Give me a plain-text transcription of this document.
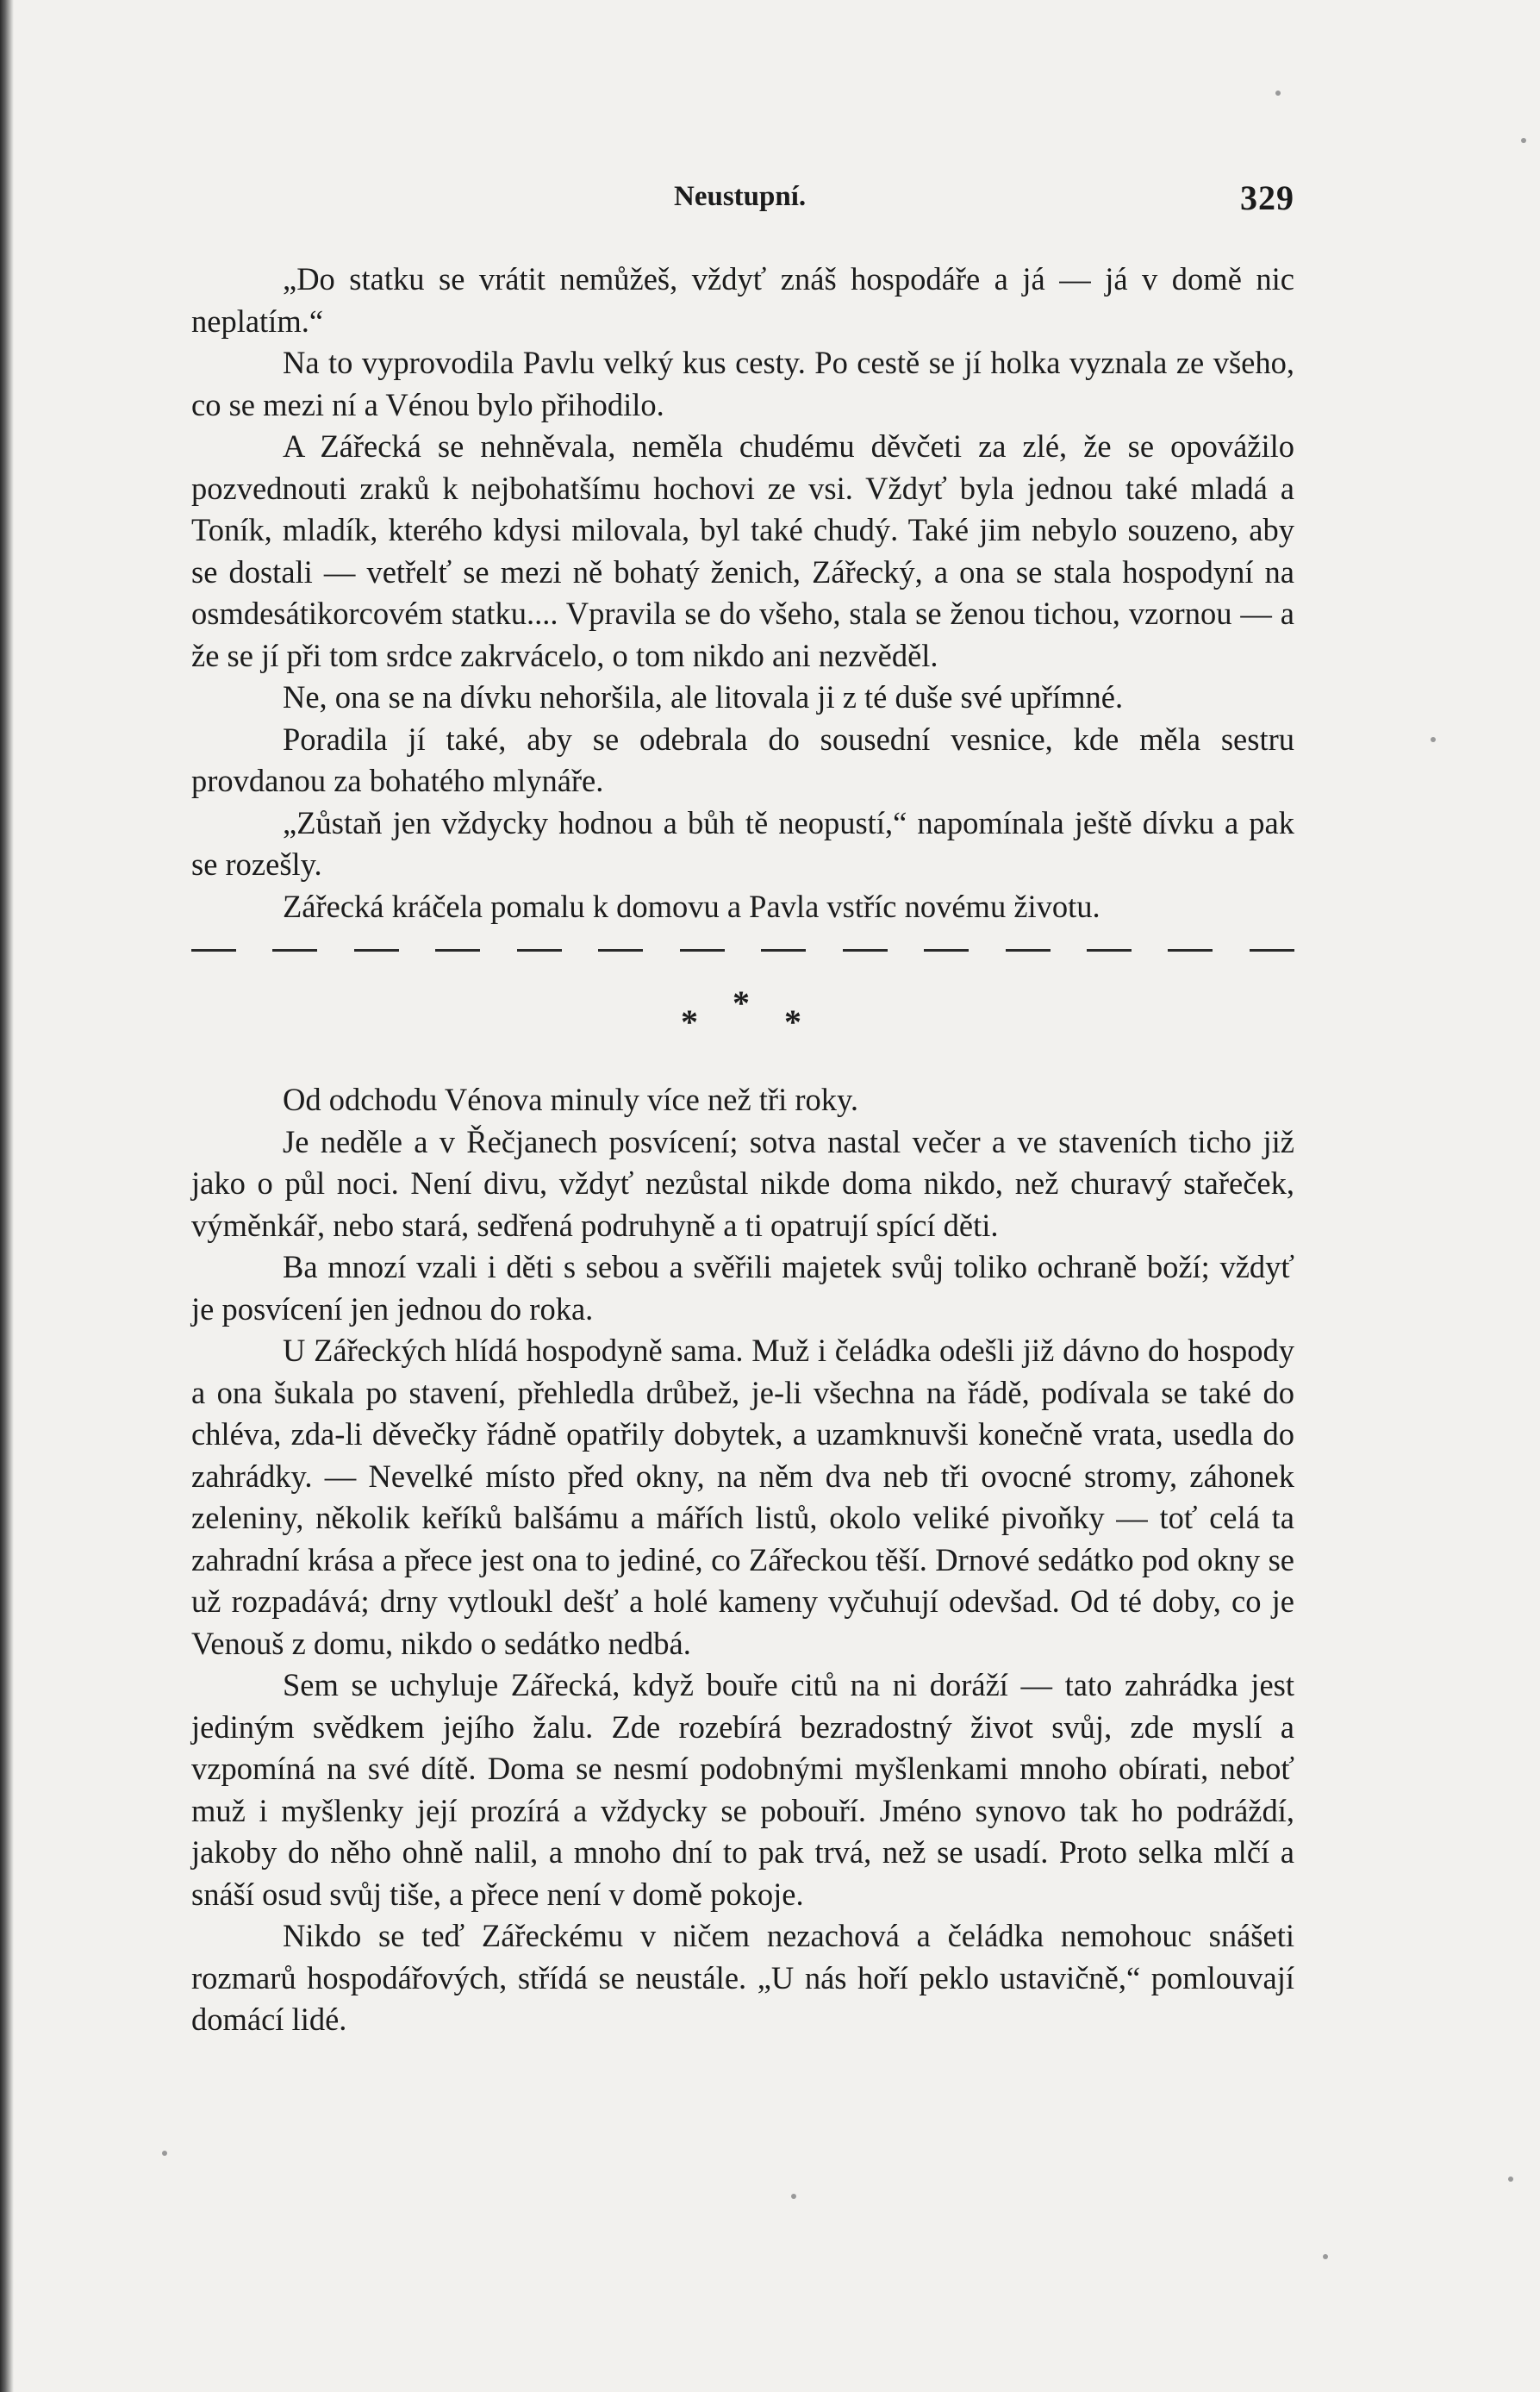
Neustupní.	329

„Do statku se vrátit nemůžeš, vždyť znáš hospodáře a já — já v domě nic neplatím.“

Na to vyprovodila Pavlu velký kus cesty. Po cestě se jí holka vyznala ze všeho, co se mezi ní a Vénou bylo přihodilo.

A Zářecká se nehněvala, neměla chudému děvčeti za zlé, že se opovážilo pozvednouti zraků k nejbohatšímu hochovi ze vsi. Vždyť byla jednou také mladá a Toník, mladík, kterého kdysi milovala, byl také chudý. Také jim nebylo souzeno, aby se dostali — vetřelť se mezi ně bohatý ženich, Zářecký, a ona se stala hospodyní na osmdesátikorcovém statku.... Vpravila se do všeho, stala se ženou tichou, vzornou — a že se jí při tom srdce zakrvácelo, o tom nikdo ani nezvěděl.

Ne, ona se na dívku nehoršila, ale litovala ji z té duše své upřímné.

Poradila jí také, aby se odebrala do sousední vesnice, kde měla sestru provdanou za bohatého mlynáře.

„Zůstaň jen vždycky hodnou a bůh tě neopustí,“ napomínala ještě dívku a pak se rozešly.

Zářecká kráčela pomalu k domovu a Pavla vstříc novému životu.

*
*	*

Od odchodu Vénova minuly více než tři roky.

Je neděle a v Řečjanech posvícení; sotva nastal večer a ve staveních ticho již jako o půl noci. Není divu, vždyť nezůstal nikde doma nikdo, než churavý stařeček, výměnkář, nebo stará, sedřená podruhyně a ti opatrují spící děti.

Ba mnozí vzali i děti s sebou a svěřili majetek svůj toliko ochraně boží; vždyť je posvícení jen jednou do roka.

U Zářeckých hlídá hospodyně sama. Muž i čeládka odešli již dávno do hospody a ona šukala po stavení, přehledla drůbež, je-li všechna na řádě, podívala se také do chléva, zda-li děvečky řádně opatřily dobytek, a uzamknuvši konečně vrata, usedla do zahrádky. — Nevelké místo před okny, na něm dva neb tři ovocné stromy, záhonek zeleniny, několik keříků balšámu a mářích listů, okolo veliké pivoňky — toť celá ta zahradní krása a přece jest ona to jediné, co Zářeckou těší. Drnové sedátko pod okny se už rozpadává; drny vytloukl dešť a holé kameny vyčuhují odevšad. Od té doby, co je Venouš z domu, nikdo o sedátko nedbá.

Sem se uchyluje Zářecká, když bouře citů na ni doráží — tato zahrádka jest jediným svědkem jejího žalu. Zde rozebírá bezradostný život svůj, zde myslí a vzpomíná na své dítě. Doma se nesmí podobnými myšlenkami mnoho obírati, neboť muž i myšlenky její prozírá a vždycky se pobouří. Jméno synovo tak ho podráždí, jakoby do něho ohně nalil, a mnoho dní to pak trvá, než se usadí. Proto selka mlčí a snáší osud svůj tiše, a přece není v domě pokoje.

Nikdo se teď Zářeckému v ničem nezachová a čeládka nemohouc snášeti rozmarů hospodářových, střídá se neustále. „U nás hoří peklo ustavičně,“ pomlouvají domácí lidé.
